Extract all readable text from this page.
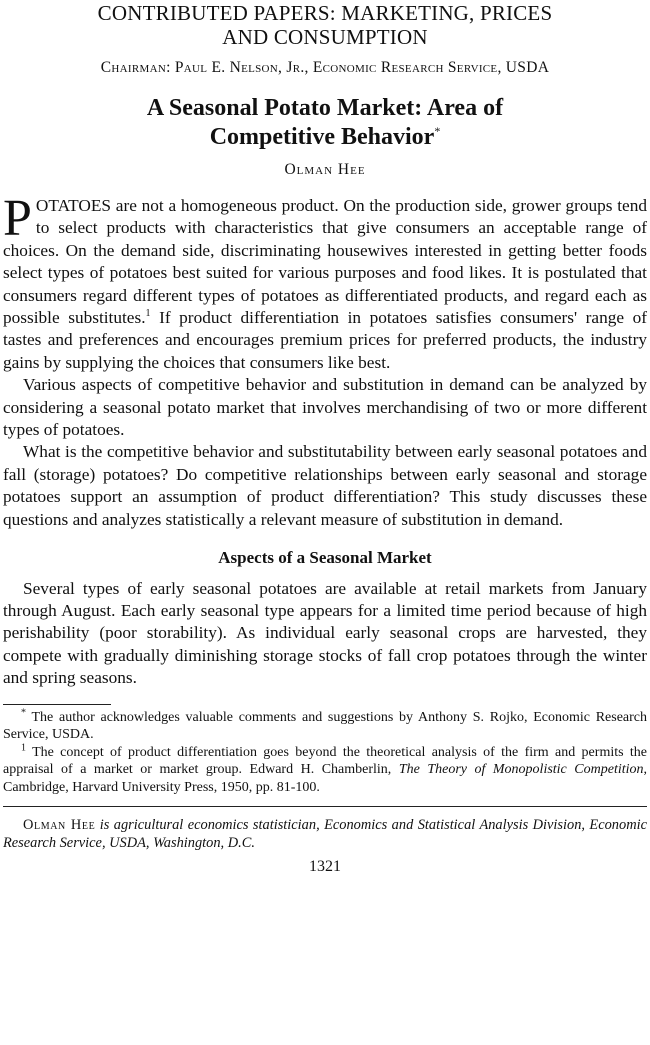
CONTRIBUTED PAPERS: MARKETING, PRICES
AND CONSUMPTION
Chairman: Paul E. Nelson, Jr., Economic Research Service, USDA
A Seasonal Potato Market: Area of
Competitive Behavior*
Olman Hee

POTATOES are not a homogeneous product. On the production side, grower groups tend to select products with characteristics that give consumers an acceptable range of choices. On the demand side, discriminating housewives interested in getting better foods select types of potatoes best suited for various purposes and food likes. It is postulated that consumers regard different types of potatoes as differentiated products, and regard each as possible substitutes.$^1$ If product differentiation in potatoes satisfies consumers' range of tastes and preferences and encourages premium prices for preferred products, the industry gains by supplying the choices that consumers like best.

Various aspects of competitive behavior and substitution in demand can be analyzed by considering a seasonal potato market that involves merchandising of two or more different types of potatoes.

What is the competitive behavior and substitutability between early seasonal potatoes and fall (storage) potatoes? Do competitive relationships between early seasonal and storage potatoes support an assumption of product differentiation? This study discusses these questions and analyzes statistically a relevant measure of substitution in demand.

Aspects of a Seasonal Market

Several types of early seasonal potatoes are available at retail markets from January through August. Each early seasonal type appears for a limited time period because of high perishability (poor storability). As individual early seasonal crops are harvested, they compete with gradually diminishing storage stocks of fall crop potatoes through the winter and spring seasons.

* The author acknowledges valuable comments and suggestions by Anthony S. Rojko, Economic Research Service, USDA.

$^1$ The concept of product differentiation goes beyond the theoretical analysis of the firm and permits the appraisal of a market or market group. Edward H. Chamberlin, The Theory of Monopolistic Competition, Cambridge, Harvard University Press, 1950, pp. 81-100.

Olman Hee is agricultural economics statistician, Economics and Statistical Analysis Division, Economic Research Service, USDA, Washington, D.C.
1321
